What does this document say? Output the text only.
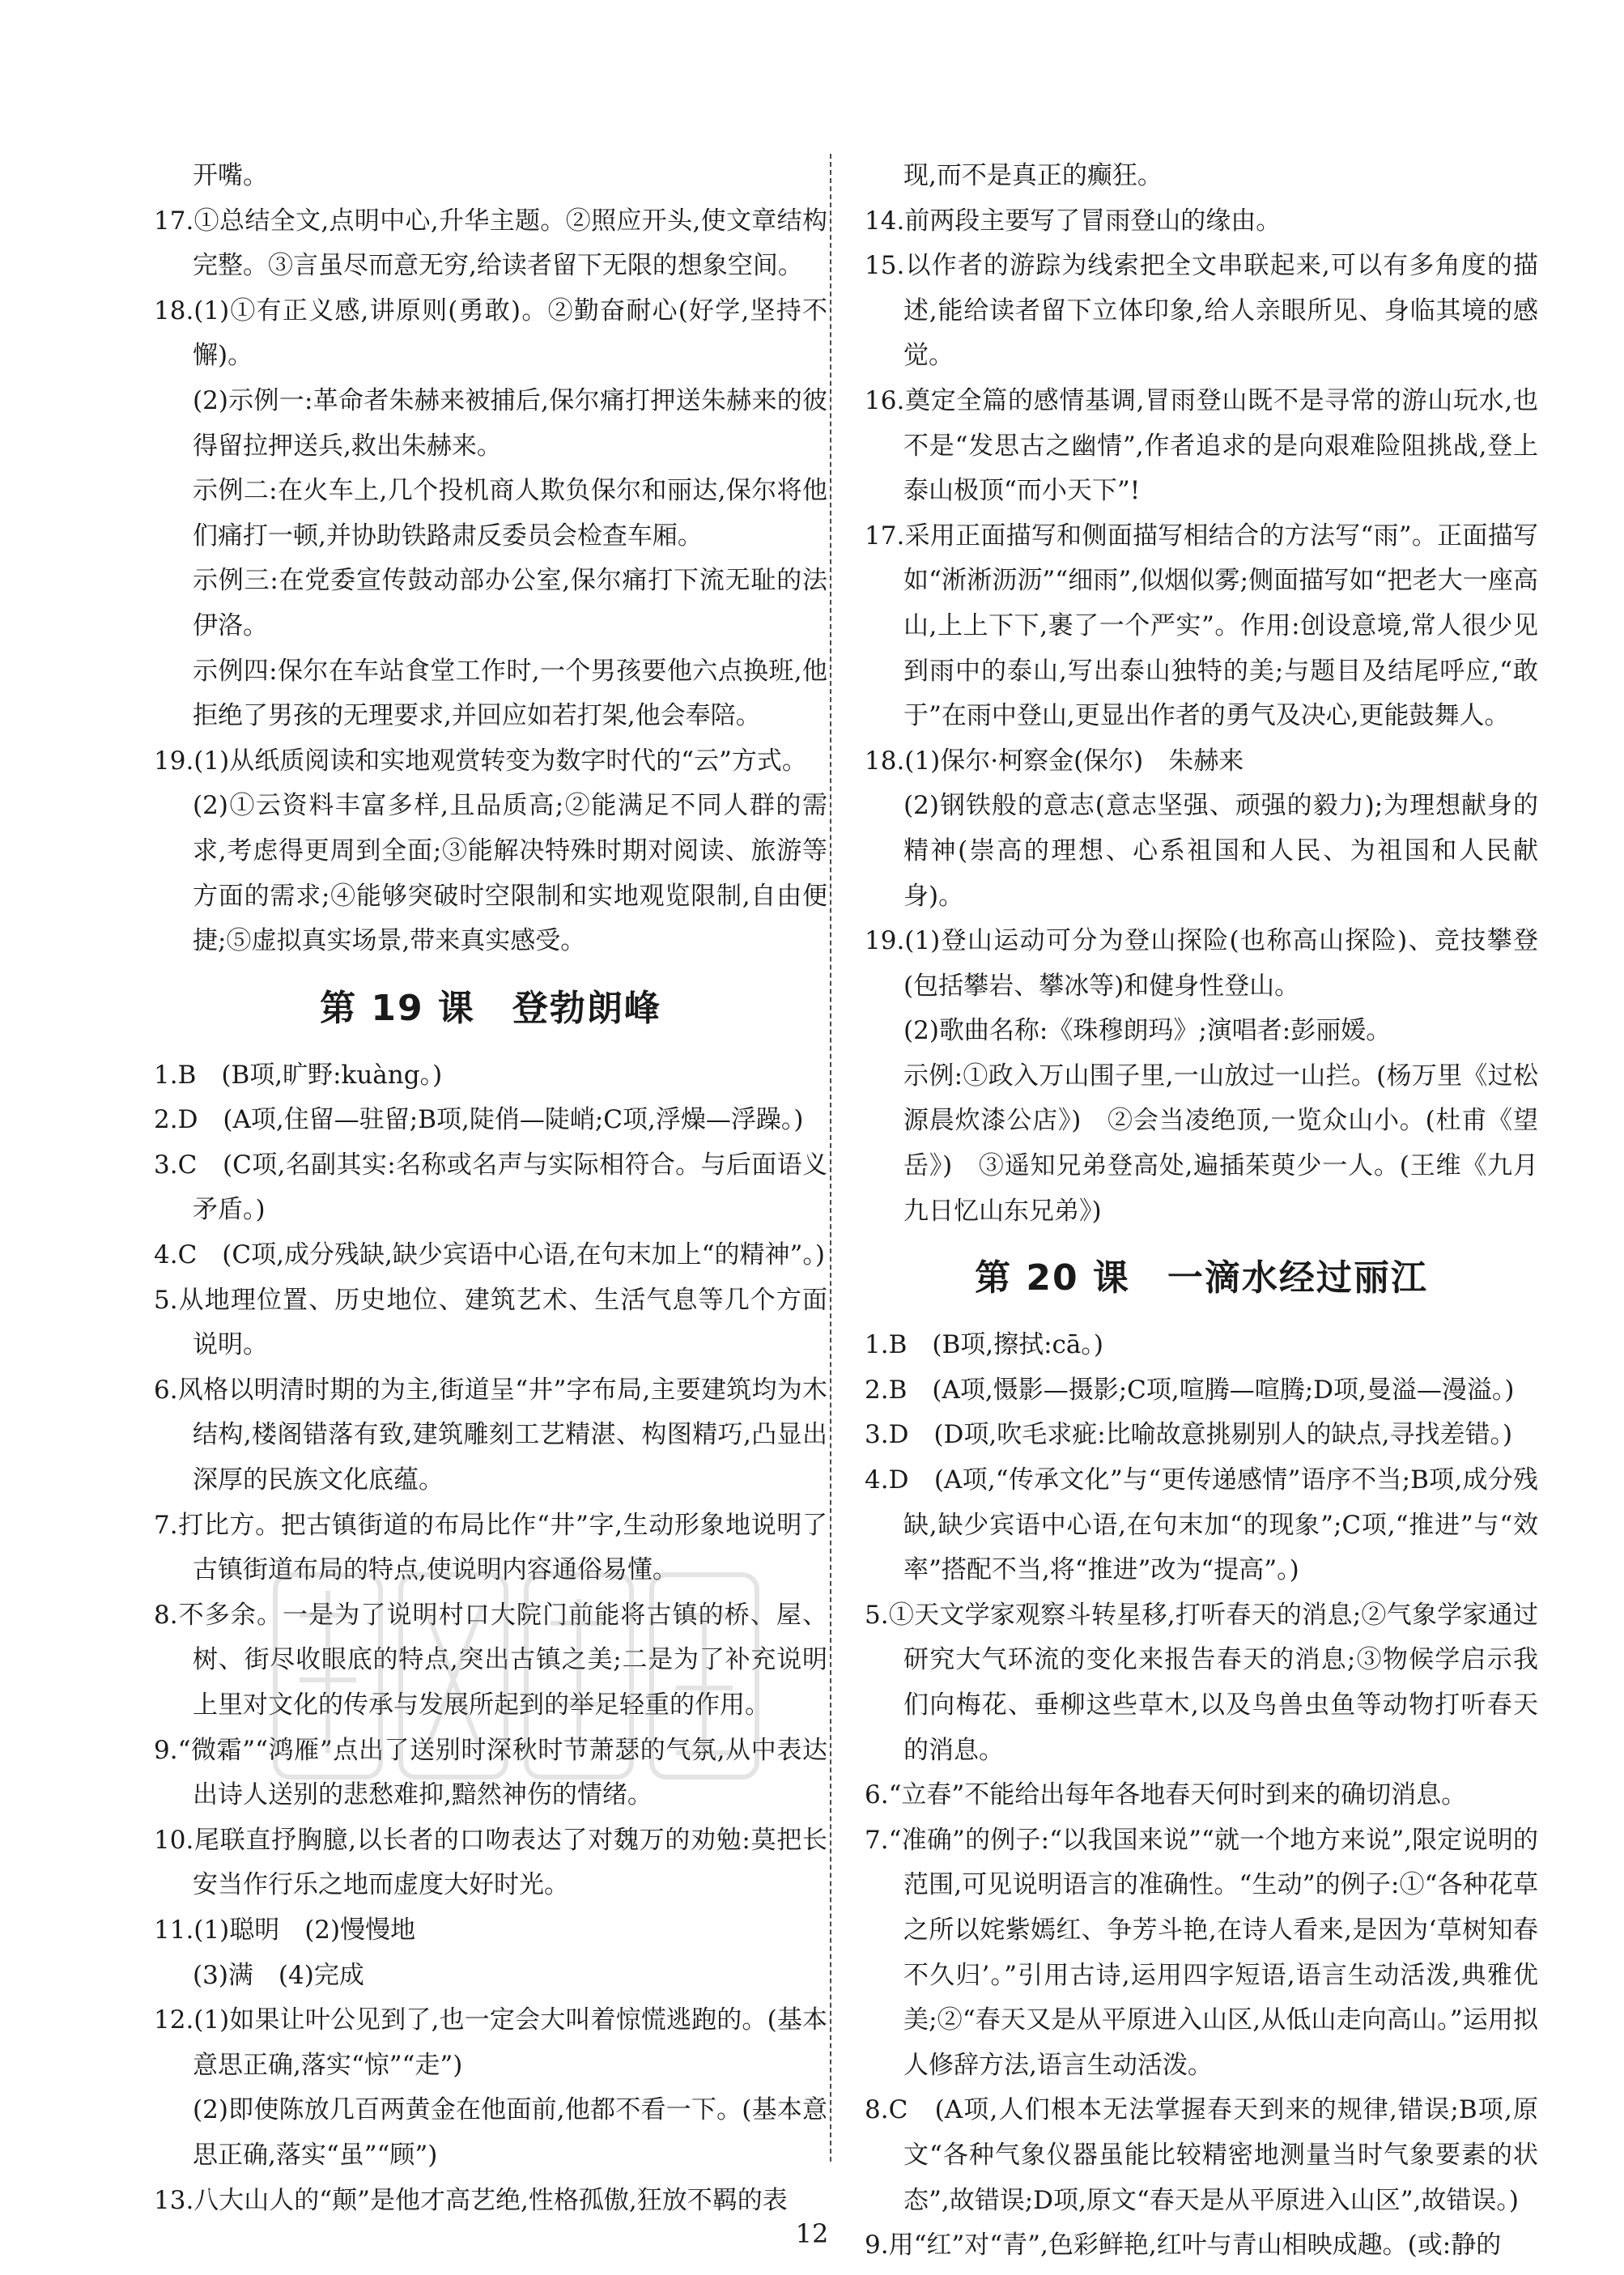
开嘴。

17.①总结全文,点明中心,升华主题。②照应开头,使文章结构完整。③言虽尽而意无穷,给读者留下无限的想象空间。

18.(1)①有正义感,讲原则(勇敢)。②勤奋耐心(好学,坚持不懈)。

(2)示例一:革命者朱赫来被捕后,保尔痛打押送朱赫来的彼得留拉押送兵,救出朱赫来。

示例二:在火车上,几个投机商人欺负保尔和丽达,保尔将他们痛打一顿,并协助铁路肃反委员会检查车厢。

示例三:在党委宣传鼓动部办公室,保尔痛打下流无耻的法伊洛。

示例四:保尔在车站食堂工作时,一个男孩要他六点换班,他拒绝了男孩的无理要求,并回应如若打架,他会奉陪。

19.(1)从纸质阅读和实地观赏转变为数字时代的“云”方式。

(2)①云资料丰富多样,且品质高;②能满足不同人群的需求,考虑得更周到全面;③能解决特殊时期对阅读、旅游等方面的需求;④能够突破时空限制和实地观览限制,自由便捷;⑤虚拟真实场景,带来真实感受。

第 19 课　登勃朗峰

1.B　(B项,旷野:kuàng。)

2.D　(A项,住留—驻留;B项,陡俏—陡峭;C项,浮燥—浮躁。)

3.C　(C项,名副其实:名称或名声与实际相符合。与后面语义矛盾。)

4.C　(C项,成分残缺,缺少宾语中心语,在句末加上“的精神”。)

5.从地理位置、历史地位、建筑艺术、生活气息等几个方面说明。

6.风格以明清时期的为主,街道呈“井”字布局,主要建筑均为木结构,楼阁错落有致,建筑雕刻工艺精湛、构图精巧,凸显出深厚的民族文化底蕴。

7.打比方。把古镇街道的布局比作“井”字,生动形象地说明了古镇街道布局的特点,使说明内容通俗易懂。

8.不多余。一是为了说明村口大院门前能将古镇的桥、屋、树、街尽收眼底的特点,突出古镇之美;二是为了补充说明上里对文化的传承与发展所起到的举足轻重的作用。

9.“微霜”“鸿雁”点出了送别时深秋时节萧瑟的气氛,从中表达出诗人送别的悲愁难抑,黯然神伤的情绪。

10.尾联直抒胸臆,以长者的口吻表达了对魏万的劝勉:莫把长安当作行乐之地而虚度大好时光。

11.(1)聪明　(2)慢慢地

(3)满　(4)完成

12.(1)如果让叶公见到了,也一定会大叫着惊慌逃跑的。(基本意思正确,落实“惊”“走”)

(2)即使陈放几百两黄金在他面前,他都不看一下。(基本意思正确,落实“虽”“顾”)

13.八大山人的“颠”是他才高艺绝,性格孤傲,狂放不羁的表

现,而不是真正的癫狂。

14.前两段主要写了冒雨登山的缘由。

15.以作者的游踪为线索把全文串联起来,可以有多角度的描述,能给读者留下立体印象,给人亲眼所见、身临其境的感觉。

16.奠定全篇的感情基调,冒雨登山既不是寻常的游山玩水,也不是“发思古之幽情”,作者追求的是向艰难险阻挑战,登上泰山极顶“而小天下”!

17.采用正面描写和侧面描写相结合的方法写“雨”。正面描写如“淅淅沥沥”“细雨”,似烟似雾;侧面描写如“把老大一座高山,上上下下,裹了一个严实”。作用:创设意境,常人很少见到雨中的泰山,写出泰山独特的美;与题目及结尾呼应,“敢于”在雨中登山,更显出作者的勇气及决心,更能鼓舞人。

18.(1)保尔·柯察金(保尔)　朱赫来

(2)钢铁般的意志(意志坚强、顽强的毅力);为理想献身的精神(崇高的理想、心系祖国和人民、为祖国和人民献身)。

19.(1)登山运动可分为登山探险(也称高山探险)、竞技攀登(包括攀岩、攀冰等)和健身性登山。

(2)歌曲名称:《珠穆朗玛》;演唱者:彭丽媛。

示例:①政入万山围子里,一山放过一山拦。(杨万里《过松源晨炊漆公店》)　②会当凌绝顶,一览众山小。(杜甫《望岳》)　③遥知兄弟登高处,遍插茱萸少一人。(王维《九月九日忆山东兄弟》)

第 20 课　一滴水经过丽江

1.B　(B项,擦拭:cā。)

2.B　(A项,慑影—摄影;C项,喧腾—喧腾;D项,曼溢—漫溢。)

3.D　(D项,吹毛求疵:比喻故意挑剔别人的缺点,寻找差错。)

4.D　(A项,“传承文化”与“更传递感情”语序不当;B项,成分残缺,缺少宾语中心语,在句末加“的现象”;C项,“推进”与“效率”搭配不当,将“推进”改为“提高”。)

5.①天文学家观察斗转星移,打听春天的消息;②气象学家通过研究大气环流的变化来报告春天的消息;③物候学启示我们向梅花、垂柳这些草木,以及鸟兽虫鱼等动物打听春天的消息。

6.“立春”不能给出每年各地春天何时到来的确切消息。

7.“准确”的例子:“以我国来说”“就一个地方来说”,限定说明的范围,可见说明语言的准确性。“生动”的例子:①“各种花草之所以姹紫嫣红、争芳斗艳,在诗人看来,是因为‘草树知春不久归’。”引用古诗,运用四字短语,语言生动活泼,典雅优美;②“春天又是从平原进入山区,从低山走向高山。”运用拟人修辞方法,语言生动活泼。

8.C　(A项,人们根本无法掌握春天到来的规律,错误;B项,原文“各种气象仪器虽能比较精密地测量当时气象要素的状态”,故错误;D项,原文“春天是从平原进入山区”,故错误。)

9.用“红”对“青”,色彩鲜艳,红叶与青山相映成趣。(或:静的

12
